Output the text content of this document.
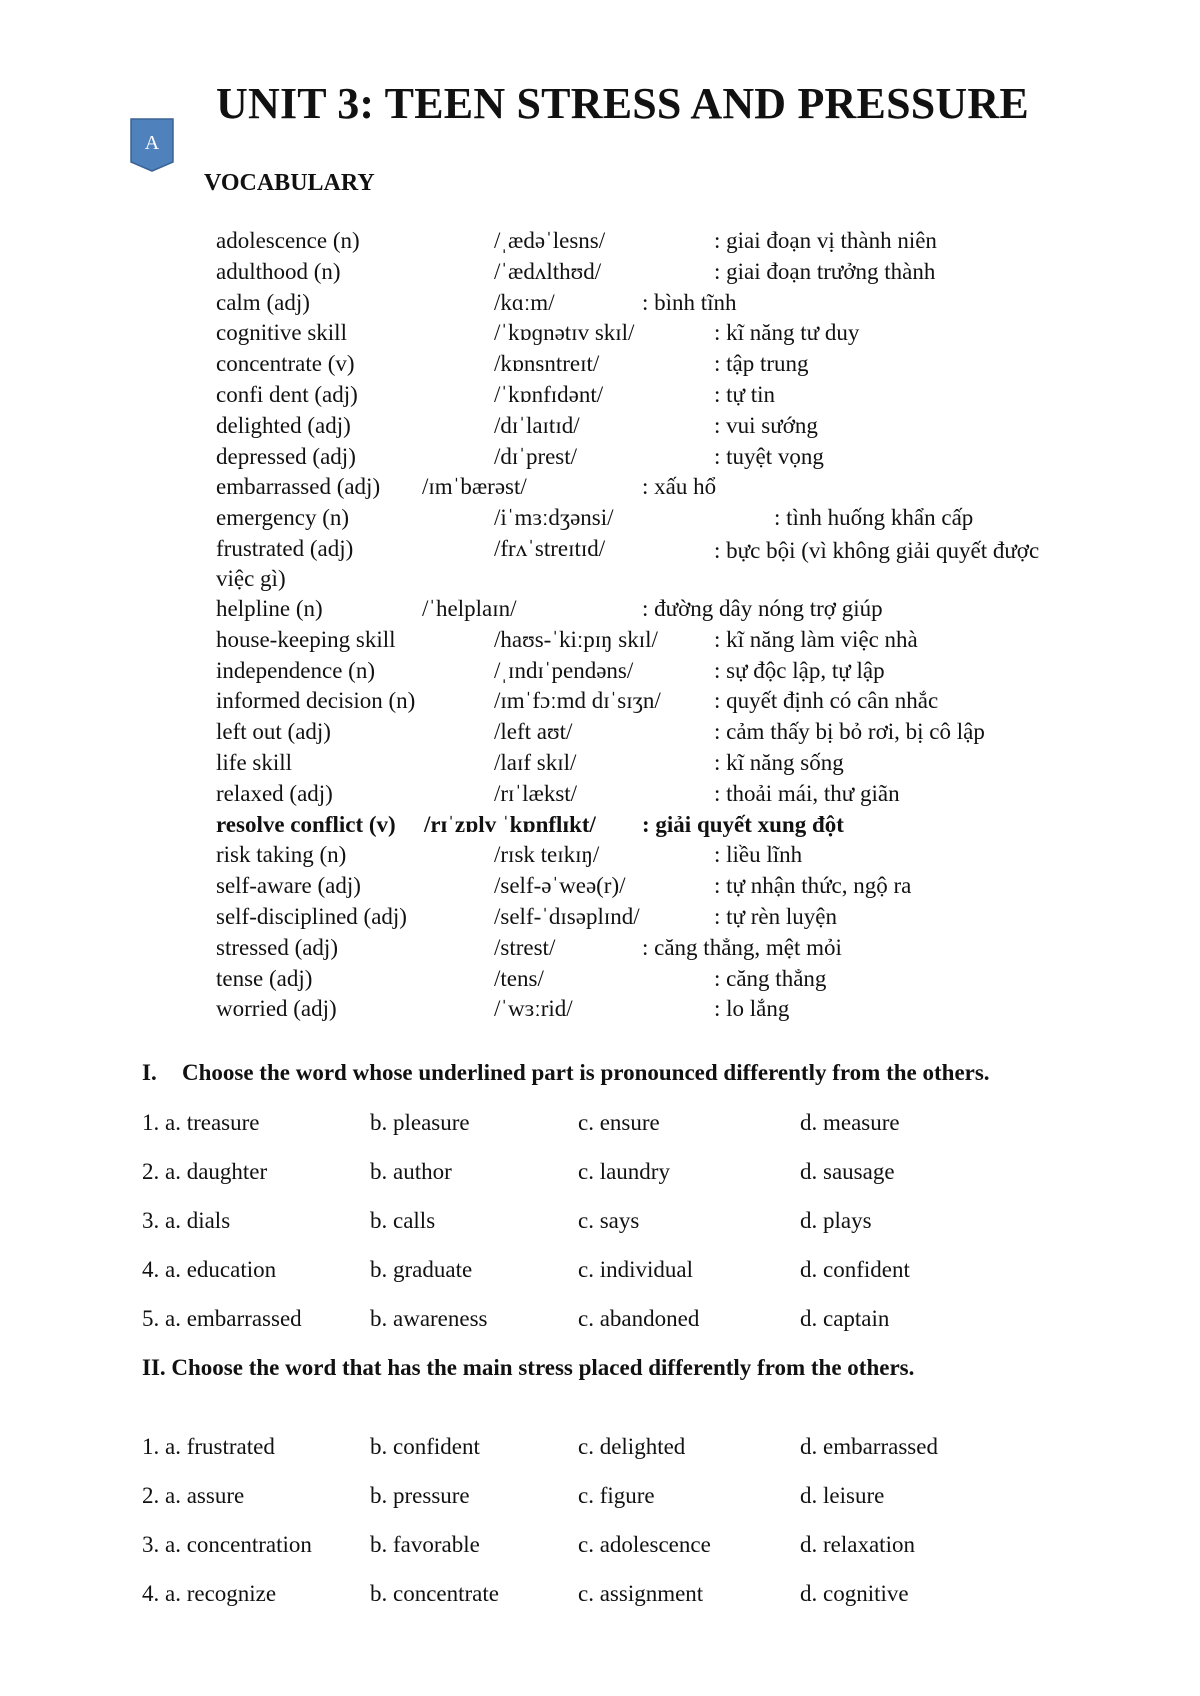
UNIT 3: TEEN STRESS AND PRESSURE
A
VOCABULARY
adolescence (n)	/ˌædəˈlesns/	: giai đoạn vị thành niên
adulthood (n)	/ˈædʌlthʊd/	: giai đoạn trưởng thành
calm (adj)	/kɑːm/	: bình tĩnh
cognitive skill	/ˈkɒɡnətɪv skɪl/	: kĩ năng tư duy
concentrate (v)	/kɒnsntreɪt/	: tập trung
confi dent (adj)	/ˈkɒnfɪdənt/	: tự tin
delighted (adj)	/dɪˈlaɪtɪd/	: vui sướng
depressed (adj)	/dɪˈprest/	: tuyệt vọng
embarrassed (adj) /ɪmˈbærəst/	: xấu hổ
emergency (n)	/iˈmɜːdʒənsi/	: tình huống khẩn cấp
frustrated (adj)	/frʌˈstreɪtɪd/	: bực bội (vì không giải quyết được
việc gì)
helpline (n)	/ˈhelplaɪn/	: đường dây nóng trợ giúp
house-keeping skill	/haʊs-ˈkiːpɪŋ skɪl/ : kĩ năng làm việc nhà
independence (n)	/ˌɪndɪˈpendəns/	: sự độc lập, tự lập
informed decision (n)	/ɪmˈfɔːmd dɪˈsɪʒn/ : quyết định có cân nhắc
left out (adj)	/left aʊt/	: cảm thấy bị bỏ rơi, bị cô lập
life skill	/laɪf skɪl/	: kĩ năng sống
relaxed (adj)	/rɪˈlækst/	: thoải mái, thư giãn
resolve conflict (v) /rɪˈzɒlv ˈkɒnflɪkt/ : giải quyết xung đột
risk taking (n)	/rɪsk teɪkɪŋ/	: liều lĩnh
self-aware (adj)	/self-əˈweə(r)/	: tự nhận thức, ngộ ra
self-disciplined (adj)	/self-ˈdɪsəplɪnd/	: tự rèn luyện
stressed (adj)	/strest/	: căng thẳng, mệt mỏi
tense (adj)	/tens/	: căng thẳng
worried (adj)	/ˈwɜːrid/	: lo lắng

I. Choose the word whose underlined part is pronounced differently from the others.

1. a. treasure	b. pleasure	c. ensure	d. measure
2. a. daughter	b. author	c. laundry	d. sausage
3. a. dials	b. calls	c. says	d. plays
4. a. education	b. graduate	c. individual	d. confident
5. a. embarrassed	b. awareness	c. abandoned	d. captain

II. Choose the word that has the main stress placed differently from the others.

1. a. frustrated	b. confident	c. delighted	d. embarrassed
2. a. assure	b. pressure	c. figure	d. leisure
3. a. concentration	b. favorable	c. adolescence	d. relaxation
4. a. recognize	b. concentrate	c. assignment	d. cognitive
